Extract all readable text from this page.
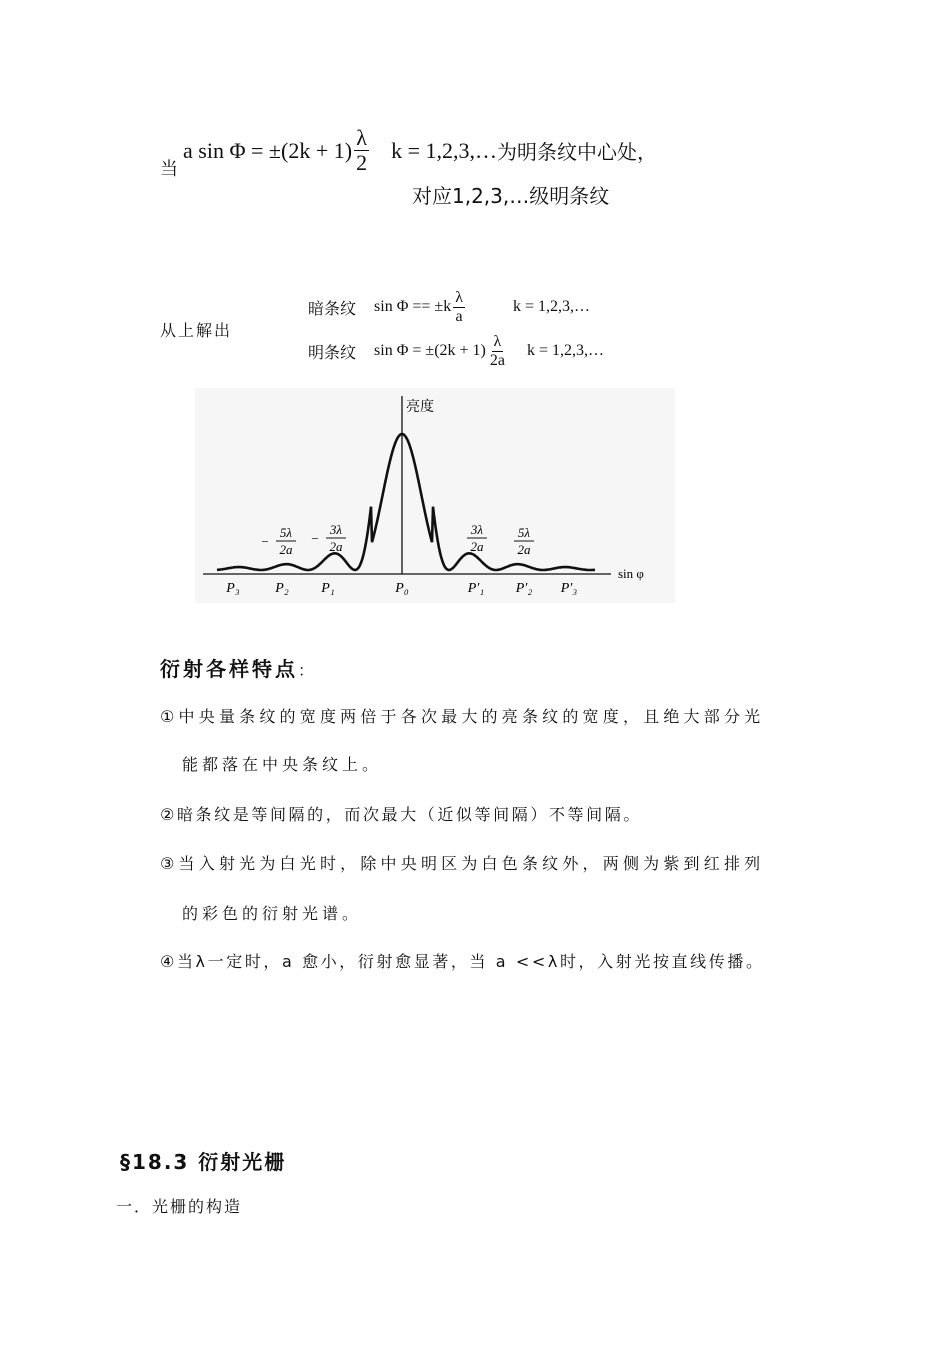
当
a $\sin \Phi = \pm(2k + 1) \frac{\lambda}{2}$ k = 1,2,3,… 为明条纹中心处，
对应1,2,3,…级明条纹
从上解出
暗条纹 $\sin \Phi == \pm k \frac{\lambda}{a}$	k = 1,2,3,…
明条纹 $\sin \Phi = \pm(2k + 1) \frac{\lambda}{2a}$ k = 1,2,3,…
亮度
sin φ
−
5λ
2a
−
3λ
2a
3λ
2a
5λ
2a
P₃	P₂ P₁	P₀	P′₁ P′₂ P′₃
衍射各样特点：
①中央量条纹的宽度两倍于各次最大的亮条纹的宽度，且绝大部分光
能都落在中央条纹上。
②暗条纹是等间隔的，而次最大（近似等间隔）不等间隔。
③当入射光为白光时，除中央明区为白色条纹外，两侧为紫到红排列
的彩色的衍射光谱。
④当λ一定时，a 愈小，衍射愈显著，当 a <<λ时，入射光按直线传播。
§18.3 衍射光栅
一．光栅的构造
